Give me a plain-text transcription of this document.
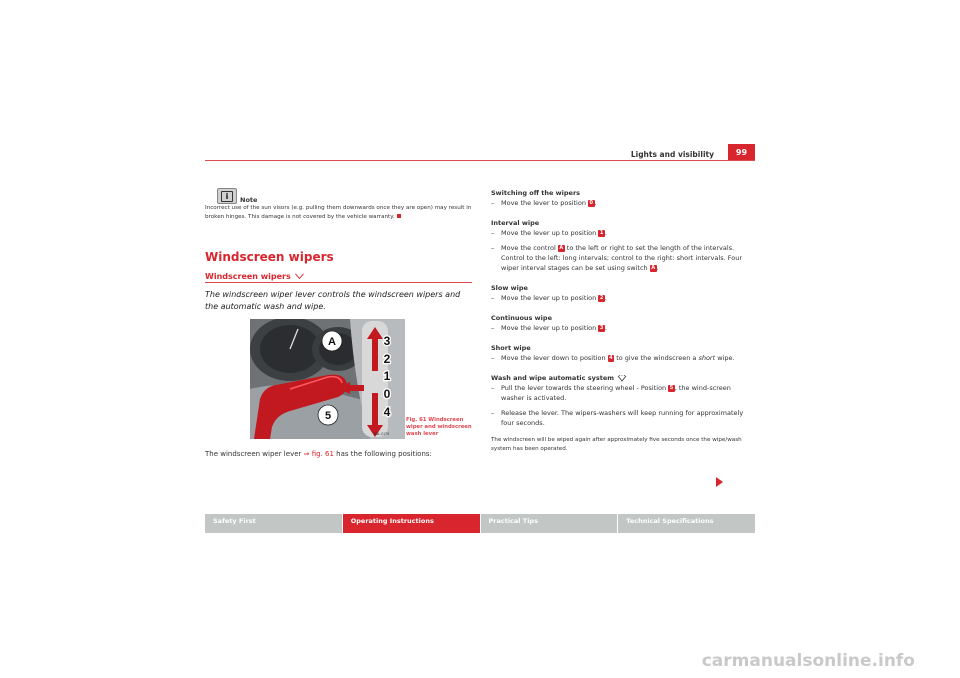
Lights and visibility	99
i	Note
Incorrect use of the sun visors (e.g. pulling them downwards once they are open) may result in broken hinges. This damage is not covered by the vehicle warranty.
Windscreen wipers
Windscreen wipers
The windscreen wiper lever controls the windscreen wipers and the automatic wash and wipe.
A
5
3
2
1
0
4
B6L-0179
Fig. 61 Windscreen wiper and windscreen wash lever
The windscreen wiper lever ⇒ fig. 61 has the following positions:
Switching off the wipers
–	Move the lever to position 0 .
Interval wipe
–	Move the lever up to position 1 .
–	Move the control A to the left or right to set the length of the intervals. Control to the left: long intervals; control to the right: short intervals. Four wiper interval stages can be set using switch A .
Slow wipe
–	Move the lever up to position 2 .
Continuous wipe
–	Move the lever up to position 3 .
Short wipe
–	Move the lever down to position 4 to give the windscreen a short wipe.
Wash and wipe automatic system
–	Pull the lever towards the steering wheel - Position 5 , the wind-screen washer is activated.
–	Release the lever. The wipers-washers will keep running for approximately four seconds.
The windscreen will be wiped again after approximately five seconds once the wipe/wash system has been operated.
Safety First	Operating Instructions	Practical Tips	Technical Specifications
carmanualsonline.info
